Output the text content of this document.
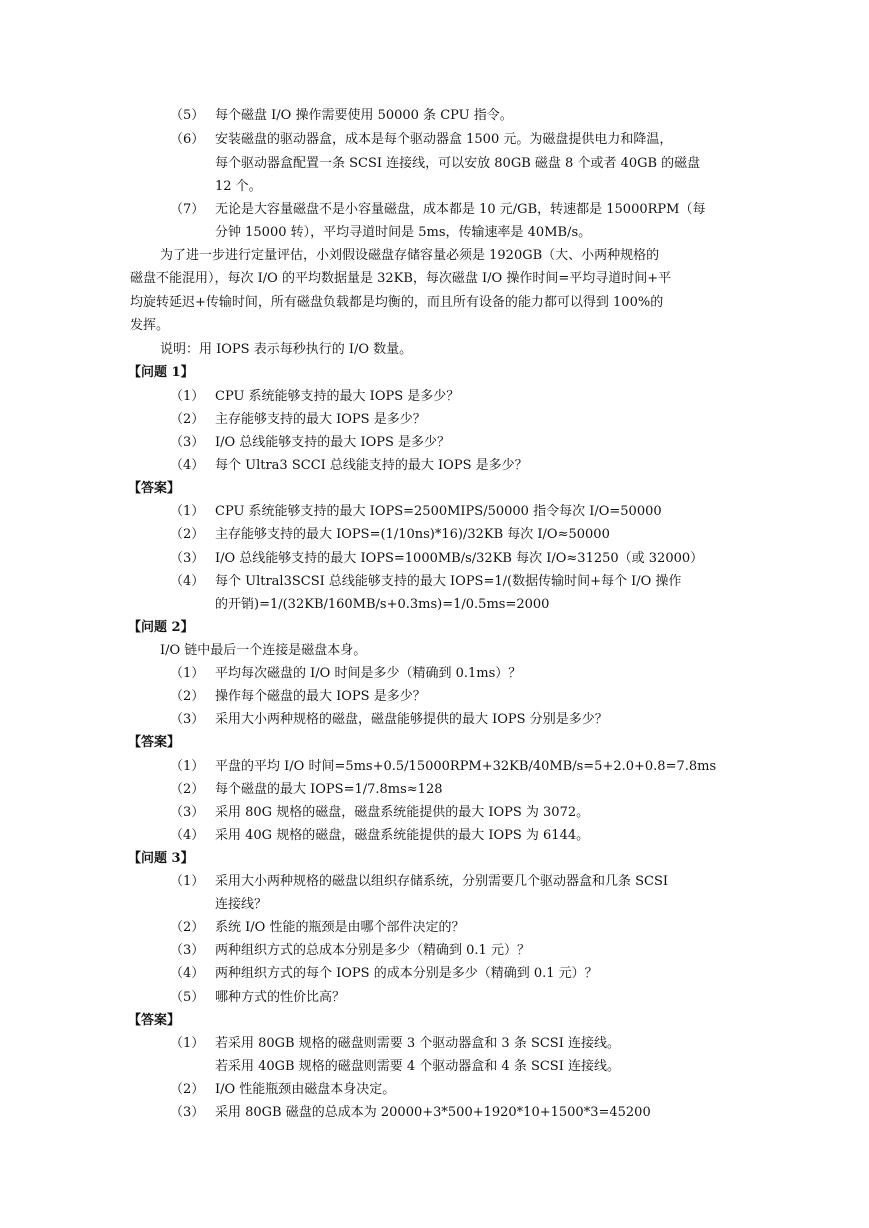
（5） 每个磁盘 I/O 操作需要使用 50000 条 CPU 指令。
（6） 安装磁盘的驱动器盒，成本是每个驱动器盒 1500 元。为磁盘提供电力和降温，
每个驱动器盒配置一条 SCSI 连接线，可以安放 80GB 磁盘 8 个或者 40GB 的磁盘
12 个。
（7） 无论是大容量磁盘不是小容量磁盘，成本都是 10 元/GB，转速都是 15000RPM（每
分钟 15000 转），平均寻道时间是 5ms，传输速率是 40MB/s。
为了进一步进行定量评估，小刘假设磁盘存储容量必须是 1920GB（大、小两种规格的
磁盘不能混用），每次 I/O 的平均数据量是 32KB，每次磁盘 I/O 操作时间=平均寻道时间+平
均旋转延迟+传输时间，所有磁盘负载都是均衡的，而且所有设备的能力都可以得到 100%的
发挥。
说明：用 IOPS 表示每秒执行的 I/O 数量。
【问题 1】
（1） CPU 系统能够支持的最大 IOPS 是多少？
（2） 主存能够支持的最大 IOPS 是多少？
（3） I/O 总线能够支持的最大 IOPS 是多少？
（4） 每个 Ultra3 SCCI 总线能支持的最大 IOPS 是多少？
【答案】
（1） CPU 系统能够支持的最大 IOPS=2500MIPS/50000 指令每次 I/O=50000
（2） 主存能够支持的最大 IOPS=(1/10ns)*16)/32KB 每次 I/O≈50000
（3） I/O 总线能够支持的最大 IOPS=1000MB/s/32KB 每次 I/O≈31250（或 32000）
（4） 每个 Ultral3SCSI 总线能够支持的最大 IOPS=1/(数据传输时间+每个 I/O 操作
的开销)=1/(32KB/160MB/s+0.3ms)=1/0.5ms=2000
【问题 2】
I/O 链中最后一个连接是磁盘本身。
（1） 平均每次磁盘的 I/O 时间是多少（精确到 0.1ms）？
（2） 操作每个磁盘的最大 IOPS 是多少？
（3） 采用大小两种规格的磁盘，磁盘能够提供的最大 IOPS 分别是多少？
【答案】
（1） 平盘的平均 I/O 时间=5ms+0.5/15000RPM+32KB/40MB/s=5+2.0+0.8=7.8ms
（2） 每个磁盘的最大 IOPS=1/7.8ms≈128
（3） 采用 80G 规格的磁盘，磁盘系统能提供的最大 IOPS 为 3072。
（4） 采用 40G 规格的磁盘，磁盘系统能提供的最大 IOPS 为 6144。
【问题 3】
（1） 采用大小两种规格的磁盘以组织存储系统，分别需要几个驱动器盒和几条 SCSI
连接线？
（2） 系统 I/O 性能的瓶颈是由哪个部件决定的？
（3） 两种组织方式的总成本分别是多少（精确到 0.1 元）？
（4） 两种组织方式的每个 IOPS 的成本分别是多少（精确到 0.1 元）？
（5） 哪种方式的性价比高？
【答案】
（1） 若采用 80GB 规格的磁盘则需要 3 个驱动器盒和 3 条 SCSI 连接线。
若采用 40GB 规格的磁盘则需要 4 个驱动器盒和 4 条 SCSI 连接线。
（2） I/O 性能瓶颈由磁盘本身决定。
（3） 采用 80GB 磁盘的总成本为 20000+3*500+1920*10+1500*3=45200
